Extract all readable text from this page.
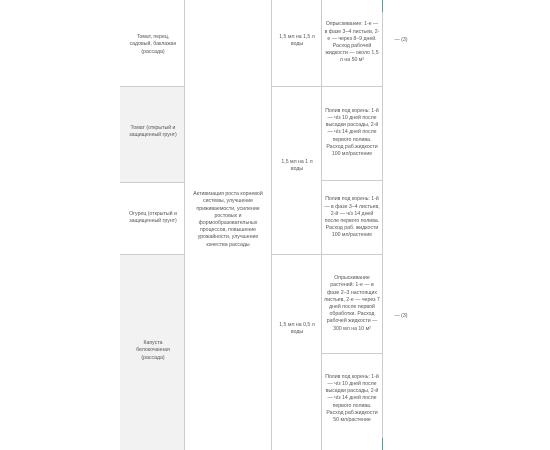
Томат, перец, садовый, баклажан (рассада)
Томат (открытый и защищенный грунт)
Огурец (открытый и защищенный грунт)
Капуста белокочанная (рассада)
Активизация роста корневой системы, улучшение приживаемости, усиление ростовых и формообразовательных процессов, повышение урожайности, улучшение качества рассады
1,5 мл на 1,5 л воды
1,5 мл на 1 л воды
1,5 мл на 0,5 л воды
Опрыскивание: 1-е — в фазе 3–4 листьев, 2-е — через 8–9 дней. Расход рабочей жидкости — около 1,5 л на 50 м²
Полив под корень: 1-й — ч/з 10 дней после высадки рассады, 2-й — ч/з 14 дней после первого полива. Расход раб.жидкости 100 мл/растение
Полив под корень: 1-й — в фазе 3–4 листьев, 2-й — ч/з 14 дней после первого полива. Расход раб. жидкости 100 мл/растение
Опрыскивание растений: 1-е — в фазе 2–3 настоящих листьев, 2-е — через 7 дней после первой обработки. Расход рабочей жидкости — 300 мл на 10 м²
Полив под корень: 1-й — ч/з 10 дней после высадки рассады, 2-й — ч/з 14 дней после первого полива. Расход раб.жидкости 50 мл/растение
— (3)
— (3)
